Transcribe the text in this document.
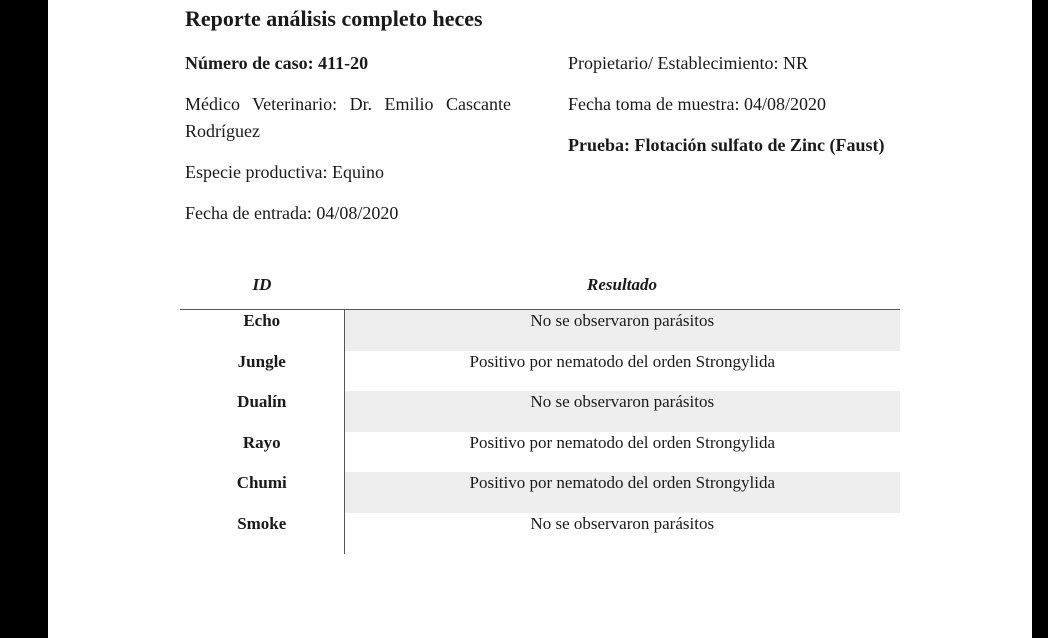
Reporte análisis completo heces

Número de caso: 411-20

Médico Veterinario: Dr. Emilio Cascante Rodríguez

Especie productiva: Equino

Fecha de entrada: 04/08/2020

Propietario/ Establecimiento: NR

Fecha toma de muestra: 04/08/2020

Prueba: Flotación sulfato de Zinc (Faust)

ID	Resultado
Echo	No se observaron parásitos
Jungle	Positivo por nematodo del orden Strongylida
Dualín	No se observaron parásitos
Rayo	Positivo por nematodo del orden Strongylida
Chumi	Positivo por nematodo del orden Strongylida
Smoke	No se observaron parásitos
